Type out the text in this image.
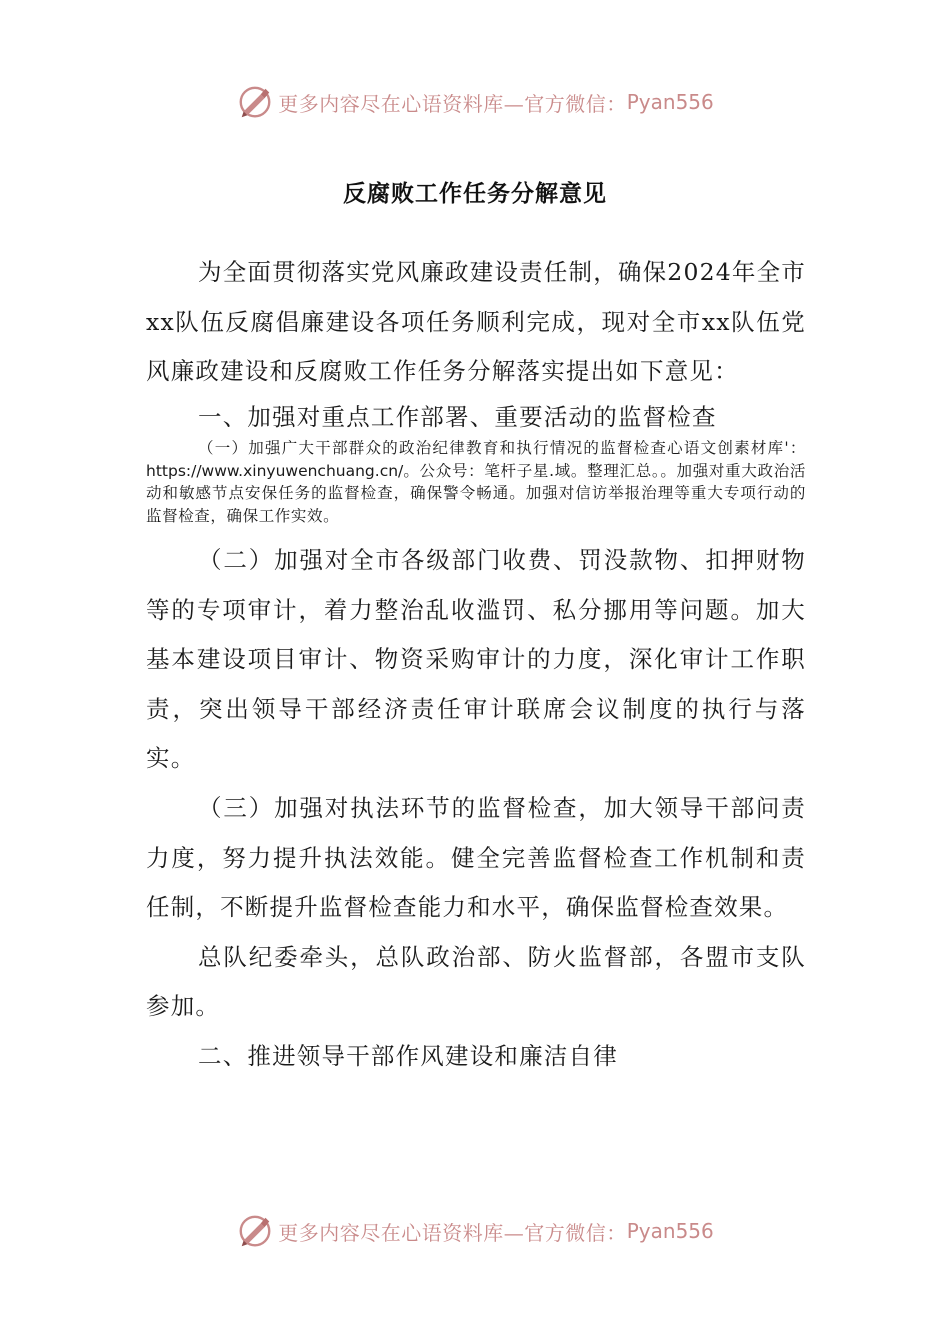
更多内容尽在心语资料库—官方微信： Pyan556
反腐败工作任务分解意见

为全面贯彻落实党风廉政建设责任制，确保2024年全市xx队伍反腐倡廉建设各项任务顺利完成，现对全市xx队伍党风廉政建设和反腐败工作任务分解落实提出如下意见：

一、加强对重点工作部署、重要活动的监督检查

（一）加强广大干部群众的政治纪律教育和执行情况的监督检查心语文创素材库'：https://www.xinyuwenchuang.cn/。公众号：笔杆子星.域。整理汇总。。加强对重大政治活动和敏感节点安保任务的监督检查，确保警令畅通。加强对信访举报治理等重大专项行动的监督检查，确保工作实效。

（二）加强对全市各级部门收费、罚没款物、扣押财物等的专项审计，着力整治乱收滥罚、私分挪用等问题。加大基本建设项目审计、物资采购审计的力度，深化审计工作职责，突出领导干部经济责任审计联席会议制度的执行与落实。

（三）加强对执法环节的监督检查，加大领导干部问责力度，努力提升执法效能。健全完善监督检查工作机制和责任制，不断提升监督检查能力和水平，确保监督检查效果。

总队纪委牵头，总队政治部、防火监督部，各盟市支队参加。

二、推进领导干部作风建设和廉洁自律

更多内容尽在心语资料库—官方微信： Pyan556
